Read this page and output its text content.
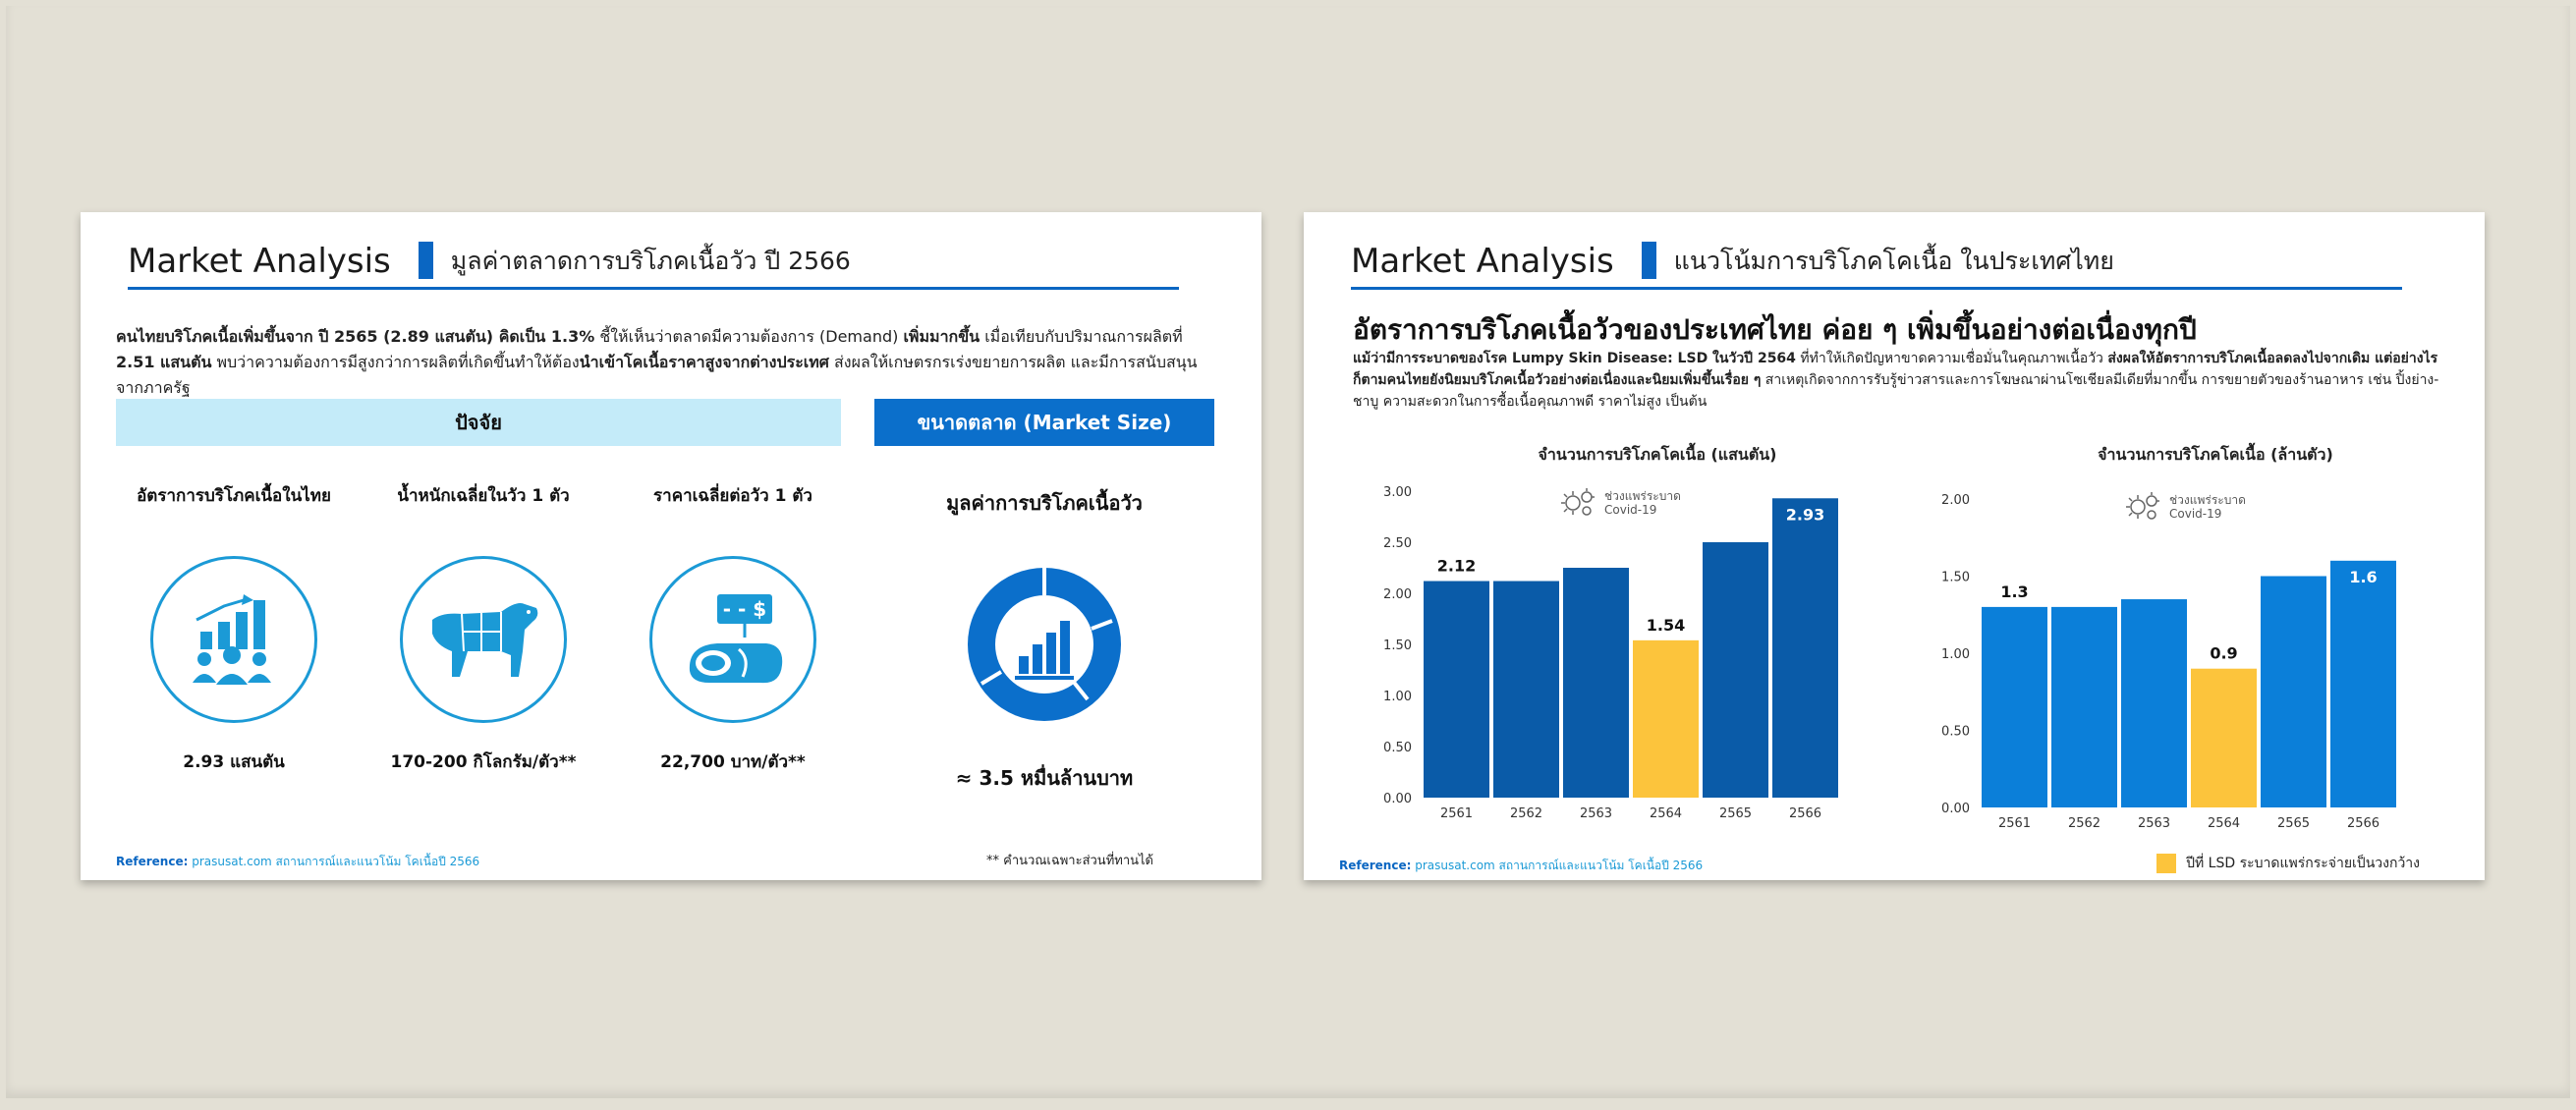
Market Analysis มูลค่าตลาดการบริโภคเนื้อวัว ปี 2566
คนไทยบริโภคเนื้อเพิ่มขึ้นจาก ปี 2565 (2.89 แสนตัน) คิดเป็น 1.3% ชี้ให้เห็นว่าตลาดมีความต้องการ (Demand) เพิ่มมากขึ้น เมื่อเทียบกับปริมาณการผลิตที่ 2.51 แสนตัน พบว่าความต้องการมีสูงกว่าการผลิตที่เกิดขึ้นทำให้ต้องนำเข้าโคเนื้อราคาสูงจากต่างประเทศ ส่งผลให้เกษตรกรเร่งขยายการผลิต และมีการสนับสนุนจากภาครัฐ
ปัจจัย	ขนาดตลาด (Market Size)
อัตราการบริโภคเนื้อในไทย
2.93 แสนตัน
น้ำหนักเฉลี่ยในวัว 1 ตัว
170-200 กิโลกรัม/ตัว**
ราคาเฉลี่ยต่อวัว 1 ตัว
- - $
22,700 บาท/ตัว**
มูลค่าการบริโภคเนื้อวัว
≈ 3.5 หมื่นล้านบาท
Reference: prasusat.com สถานการณ์และแนวโน้ม โคเนื้อปี 2566	** คำนวณเฉพาะส่วนที่ทานได้
Market Analysis แนวโน้มการบริโภคโคเนื้อ ในประเทศไทย
อัตราการบริโภคเนื้อวัวของประเทศไทย ค่อย ๆ เพิ่มขึ้นอย่างต่อเนื่องทุกปี
แม้ว่ามีการระบาดของโรค Lumpy Skin Disease: LSD ในวัวปี 2564 ที่ทำให้เกิดปัญหาขาดความเชื่อมั่นในคุณภาพเนื้อวัว ส่งผลให้อัตราการบริโภคเนื้อลดลงไปจากเดิม แต่อย่างไรก็ตามคนไทยยังนิยมบริโภคเนื้อวัวอย่างต่อเนื่องและนิยมเพิ่มขึ้นเรื่อย ๆ สาเหตุเกิดจากการรับรู้ข่าวสารและการโฆษณาผ่านโซเชียลมีเดียที่มากขึ้น การขยายตัวของร้านอาหาร เช่น ปิ้งย่าง-ชาบู ความสะดวกในการซื้อเนื้อคุณภาพดี ราคาไม่สูง เป็นต้น
จำนวนการบริโภคโคเนื้อ (แสนตัน)	จำนวนการบริโภคโคเนื้อ (ล้านตัว)
0.00
0.50
1.00
1.50
2.00
2.50
3.00
2561
2.12
2562	2563	2564
1.54
2565	2566
2.93
0.00
0.50
1.00
1.50
2.00
2561
1.3
2562	2563	2564
0.9
2565	2566
1.6
ช่วงแพร่ระบาด
Covid-19
ช่วงแพร่ระบาด
Covid-19
Reference: prasusat.com สถานการณ์และแนวโน้ม โคเนื้อปี 2566	ปีที่ LSD ระบาดแพร่กระจ่ายเป็นวงกว้าง
